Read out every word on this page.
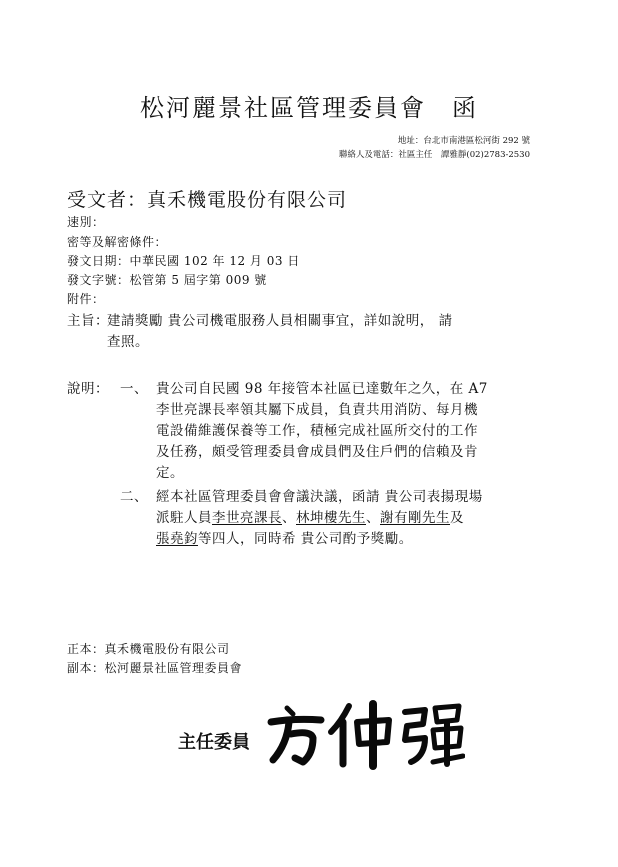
松河麗景社區管理委員會　函
地址：台北市南港區松河街 292 號
聯絡人及電話：社區主任　譚雅靜(02)2783-2530
受文者：真禾機電股份有限公司
速別：
密等及解密條件：
發文日期：中華民國 102 年 12 月 03 日
發文字號：松管第 5 屆字第 009 號
附件：
主旨：
建請獎勵 貴公司機電服務人員相關事宜，詳如說明， 請
查照。
說明： 一、 貴公司自民國 98 年接管本社區已達數年之久，在 A7
李世亮課長率領其屬下成員，負責共用消防、每月機
電設備維護保養等工作，積極完成社區所交付的工作
及任務，頗受管理委員會成員們及住戶們的信賴及肯
定。
二、 經本社區管理委員會會議決議，函請 貴公司表揚現場
派駐人員李世亮課長、林坤樓先生、謝有剛先生及
張堯鈞等四人，同時希 貴公司酌予獎勵。
正本：真禾機電股份有限公司
副本：松河麗景社區管理委員會
主任委員
